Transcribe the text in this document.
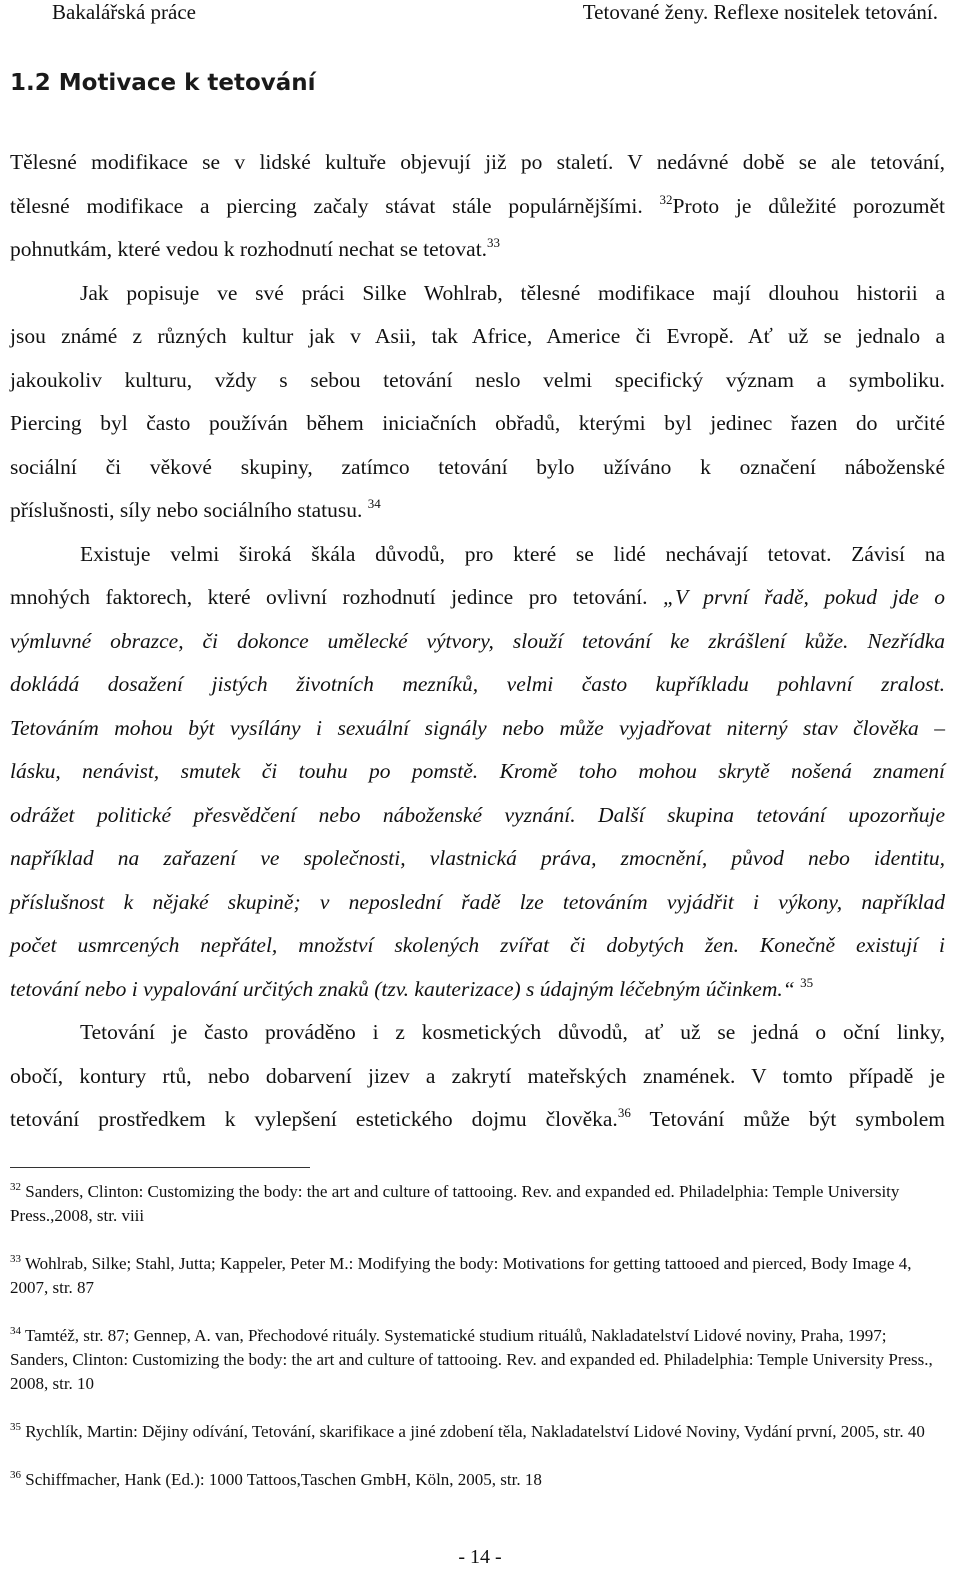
Bakalářská práce	Tetované ženy. Reflexe nositelek tetování.
1.2 Motivace k tetování
Tělesné modifikace se v lidské kultuře objevují již po staletí. V nedávné době se ale tetování,
tělesné modifikace a piercing začaly stávat stále populárnějšími. $^{32}$Proto je důležité porozumět
pohnutkám, které vedou k rozhodnutí nechat se tetovat.$^{33}$
Jak popisuje ve své práci Silke Wohlrab, tělesné modifikace mají dlouhou historii a
jsou známé z různých kultur jak v Asii, tak Africe, Americe či Evropě. Ať už se jednalo a
jakoukoliv kulturu, vždy s sebou tetování neslo velmi specifický význam a symboliku.
Piercing byl často používán během iniciačních obřadů, kterými byl jedinec řazen do určité
sociální či věkové skupiny, zatímco tetování bylo užíváno k označení náboženské
příslušnosti, síly nebo sociálního statusu. $^{34}$
Existuje velmi široká škála důvodů, pro které se lidé nechávají tetovat. Závisí na
mnohých faktorech, které ovlivní rozhodnutí jedince pro tetování. „V první řadě, pokud jde o
výmluvné obrazce, či dokonce umělecké výtvory, slouží tetování ke zkrášlení kůže. Nezřídka
dokládá dosažení jistých životních mezníků, velmi často kupříkladu pohlavní zralost.
Tetováním mohou být vysílány i sexuální signály nebo může vyjadřovat niterný stav člověka –
lásku, nenávist, smutek či touhu po pomstě. Kromě toho mohou skrytě nošená znamení
odrážet politické přesvědčení nebo náboženské vyznání. Další skupina tetování upozorňuje
například na zařazení ve společnosti, vlastnická práva, zmocnění, původ nebo identitu,
příslušnost k nějaké skupině; v neposlední řadě lze tetováním vyjádřit i výkony, například
počet usmrcených nepřátel, množství skolených zvířat či dobytých žen. Konečně existují i
tetování nebo i vypalování určitých znaků (tzv. kauterizace) s údajným léčebným účinkem.“ $^{35}$
Tetování je často prováděno i z kosmetických důvodů, ať už se jedná o oční linky,
obočí, kontury rtů, nebo dobarvení jizev a zakrytí mateřských znamének. V tomto případě je
tetování prostředkem k vylepšení estetického dojmu člověka.$^{36}$ Tetování může být symbolem
$^{32}$ Sanders, Clinton: Customizing the body: the art and culture of tattooing. Rev. and expanded ed. Philadelphia: Temple University Press.,2008, str. viii
$^{33}$ Wohlrab, Silke; Stahl, Jutta; Kappeler, Peter M.: Modifying the body: Motivations for getting tattooed and pierced, Body Image 4, 2007, str. 87
$^{34}$ Tamtéž, str. 87; Gennep, A. van, Přechodové rituály. Systematické studium rituálů, Nakladatelství Lidové noviny, Praha, 1997; Sanders, Clinton: Customizing the body: the art and culture of tattooing. Rev. and expanded ed. Philadelphia: Temple University Press., 2008, str. 10
$^{35}$ Rychlík, Martin: Dějiny odívání, Tetování, skarifikace a jiné zdobení těla, Nakladatelství Lidové Noviny, Vydání první, 2005, str. 40
$^{36}$ Schiffmacher, Hank (Ed.): 1000 Tattoos,Taschen GmbH, Köln, 2005, str. 18
- 14 -
